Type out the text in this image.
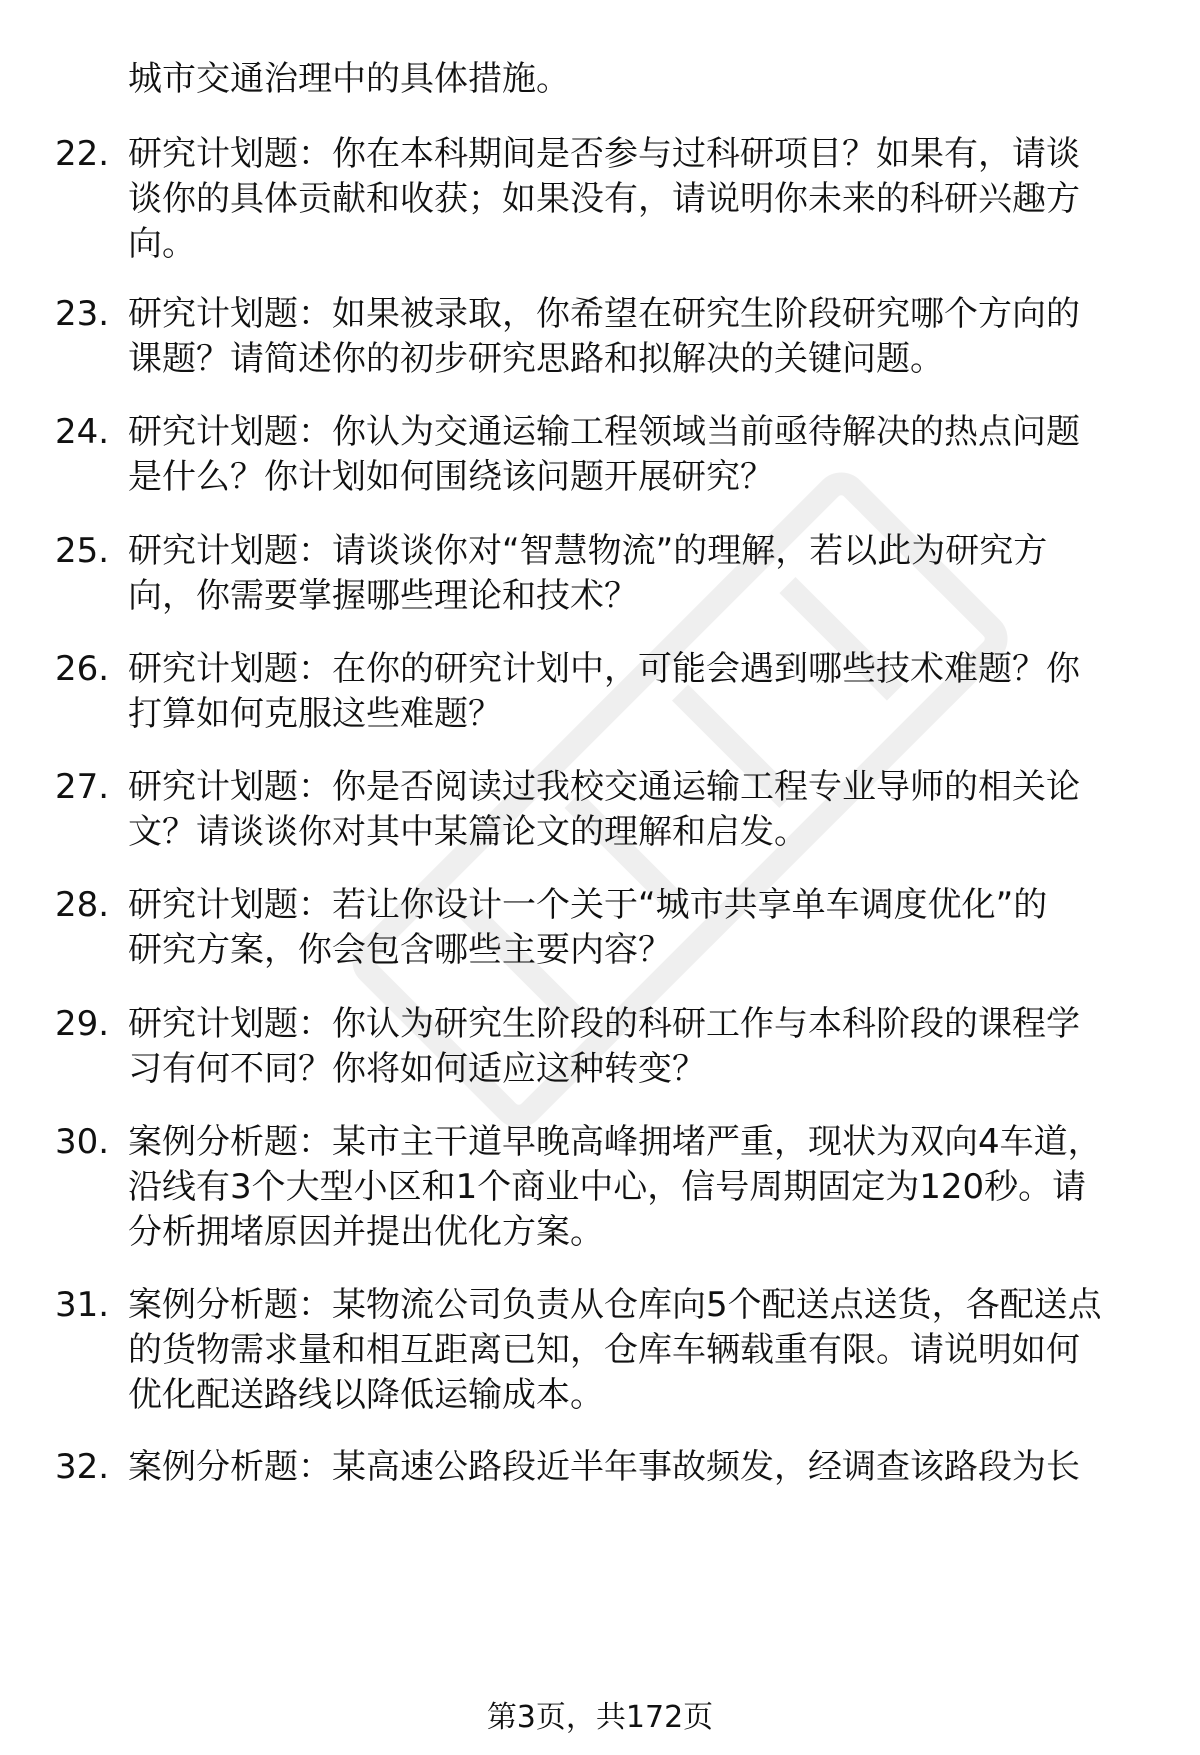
城市交通治理中的具体措施。
22. 研究计划题：你在本科期间是否参与过科研项目？如果有，请谈
谈你的具体贡献和收获；如果没有，请说明你未来的科研兴趣方
向。
23. 研究计划题：如果被录取，你希望在研究生阶段研究哪个方向的
课题？请简述你的初步研究思路和拟解决的关键问题。
24. 研究计划题：你认为交通运输工程领域当前亟待解决的热点问题
是什么？你计划如何围绕该问题开展研究？
25. 研究计划题：请谈谈你对“智慧物流”的理解，若以此为研究方
向，你需要掌握哪些理论和技术？
26. 研究计划题：在你的研究计划中，可能会遇到哪些技术难题？你
打算如何克服这些难题？
27. 研究计划题：你是否阅读过我校交通运输工程专业导师的相关论
文？请谈谈你对其中某篇论文的理解和启发。
28. 研究计划题：若让你设计一个关于“城市共享单车调度优化”的
研究方案，你会包含哪些主要内容？
29. 研究计划题：你认为研究生阶段的科研工作与本科阶段的课程学
习有何不同？你将如何适应这种转变？
30. 案例分析题：某市主干道早晚高峰拥堵严重，现状为双向4车道，
沿线有3个大型小区和1个商业中心，信号周期固定为120秒。请
分析拥堵原因并提出优化方案。
31. 案例分析题：某物流公司负责从仓库向5个配送点送货，各配送点
的货物需求量和相互距离已知，仓库车辆载重有限。请说明如何
优化配送路线以降低运输成本。
32. 案例分析题：某高速公路段近半年事故频发，经调查该路段为长
第3页，共172页
